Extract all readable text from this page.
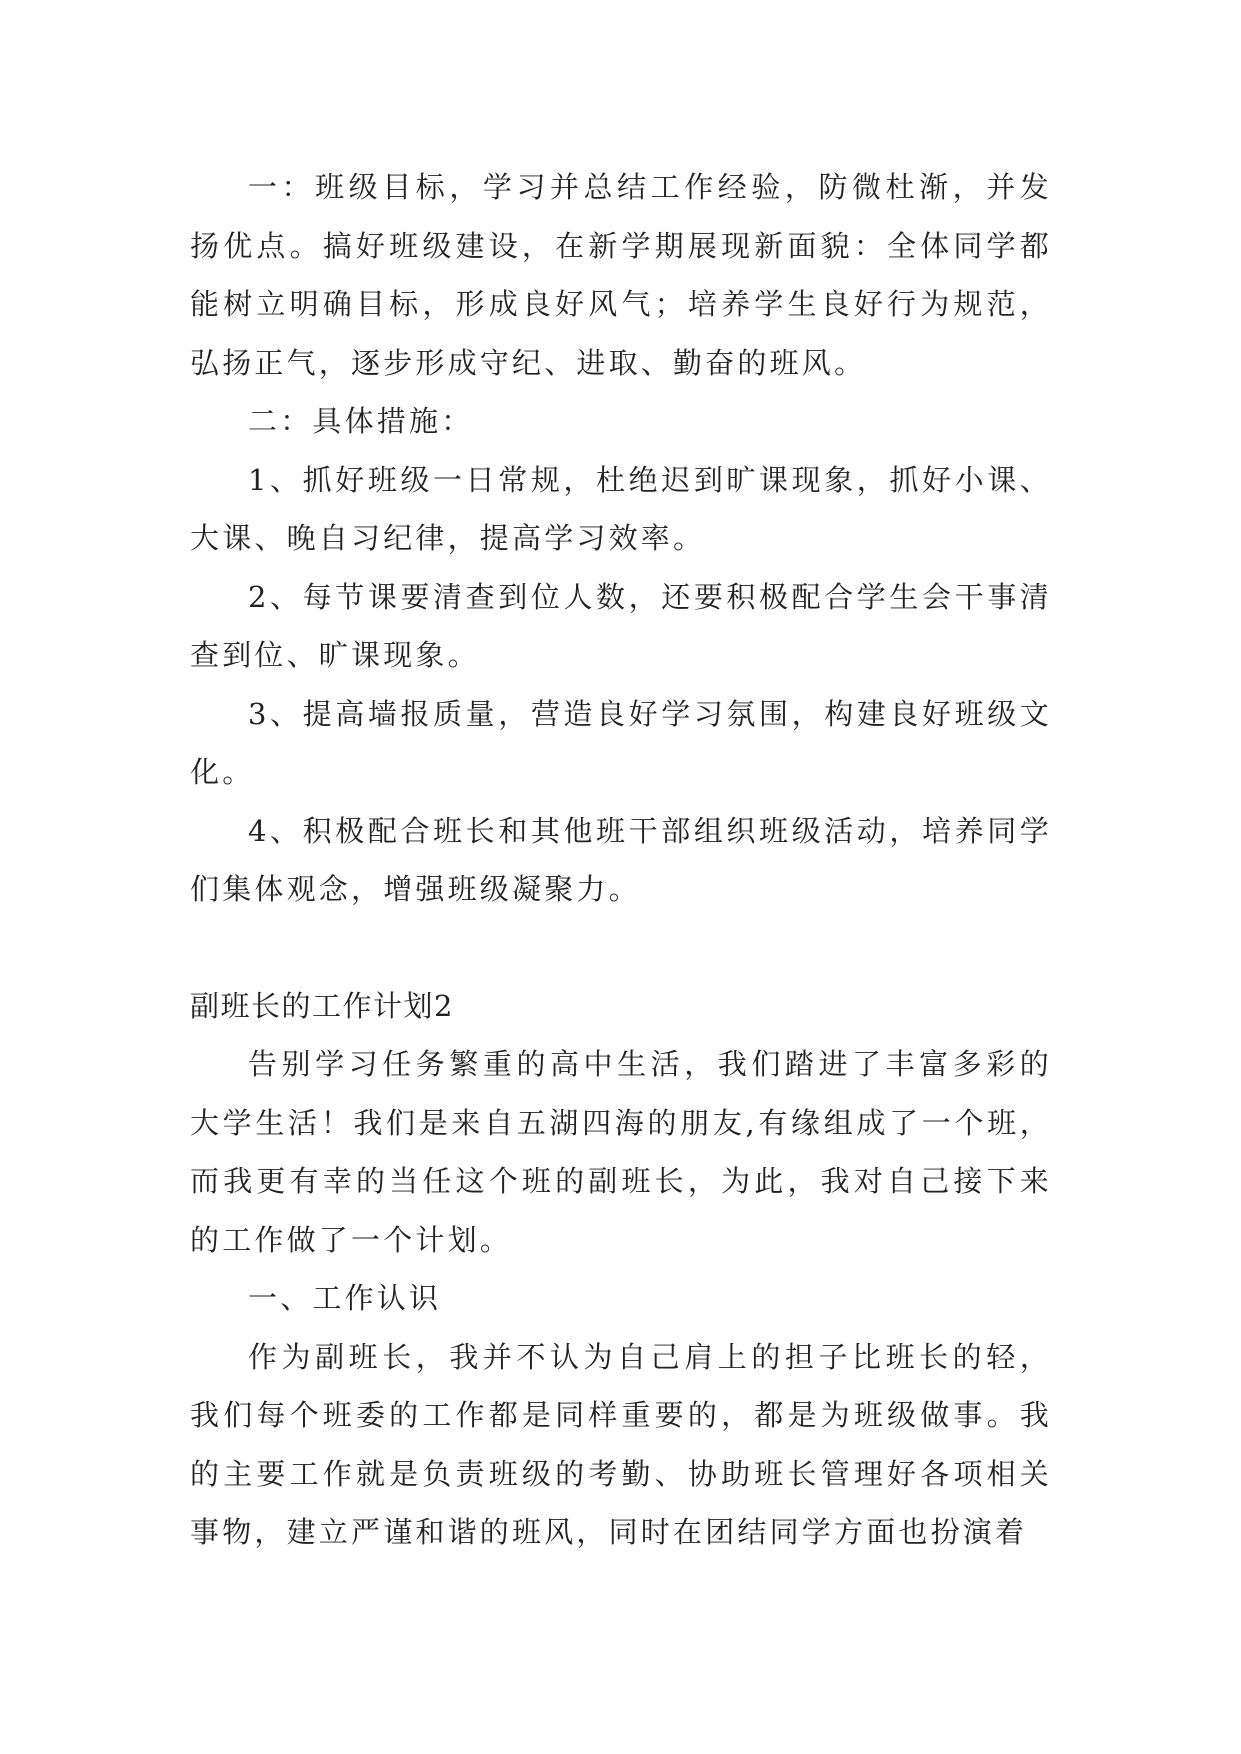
一：班级目标，学习并总结工作经验，防微杜渐，并发扬优点。搞好班级建设，在新学期展现新面貌：全体同学都能树立明确目标，形成良好风气；培养学生良好行为规范，弘扬正气，逐步形成守纪、进取、勤奋的班风。

二：具体措施：

1、抓好班级一日常规，杜绝迟到旷课现象，抓好小课、大课、晚自习纪律，提高学习效率。

2、每节课要清查到位人数，还要积极配合学生会干事清查到位、旷课现象。

3、提高墙报质量，营造良好学习氛围，构建良好班级文化。

4、积极配合班长和其他班干部组织班级活动，培养同学们集体观念，增强班级凝聚力。

副班长的工作计划2

告别学习任务繁重的高中生活，我们踏进了丰富多彩的大学生活！我们是来自五湖四海的朋友,有缘组成了一个班，而我更有幸的当任这个班的副班长，为此，我对自己接下来的工作做了一个计划。

一、工作认识

作为副班长，我并不认为自己肩上的担子比班长的轻，我们每个班委的工作都是同样重要的，都是为班级做事。我的主要工作就是负责班级的考勤、协助班长管理好各项相关事物，建立严谨和谐的班风，同时在团结同学方面也扮演着
